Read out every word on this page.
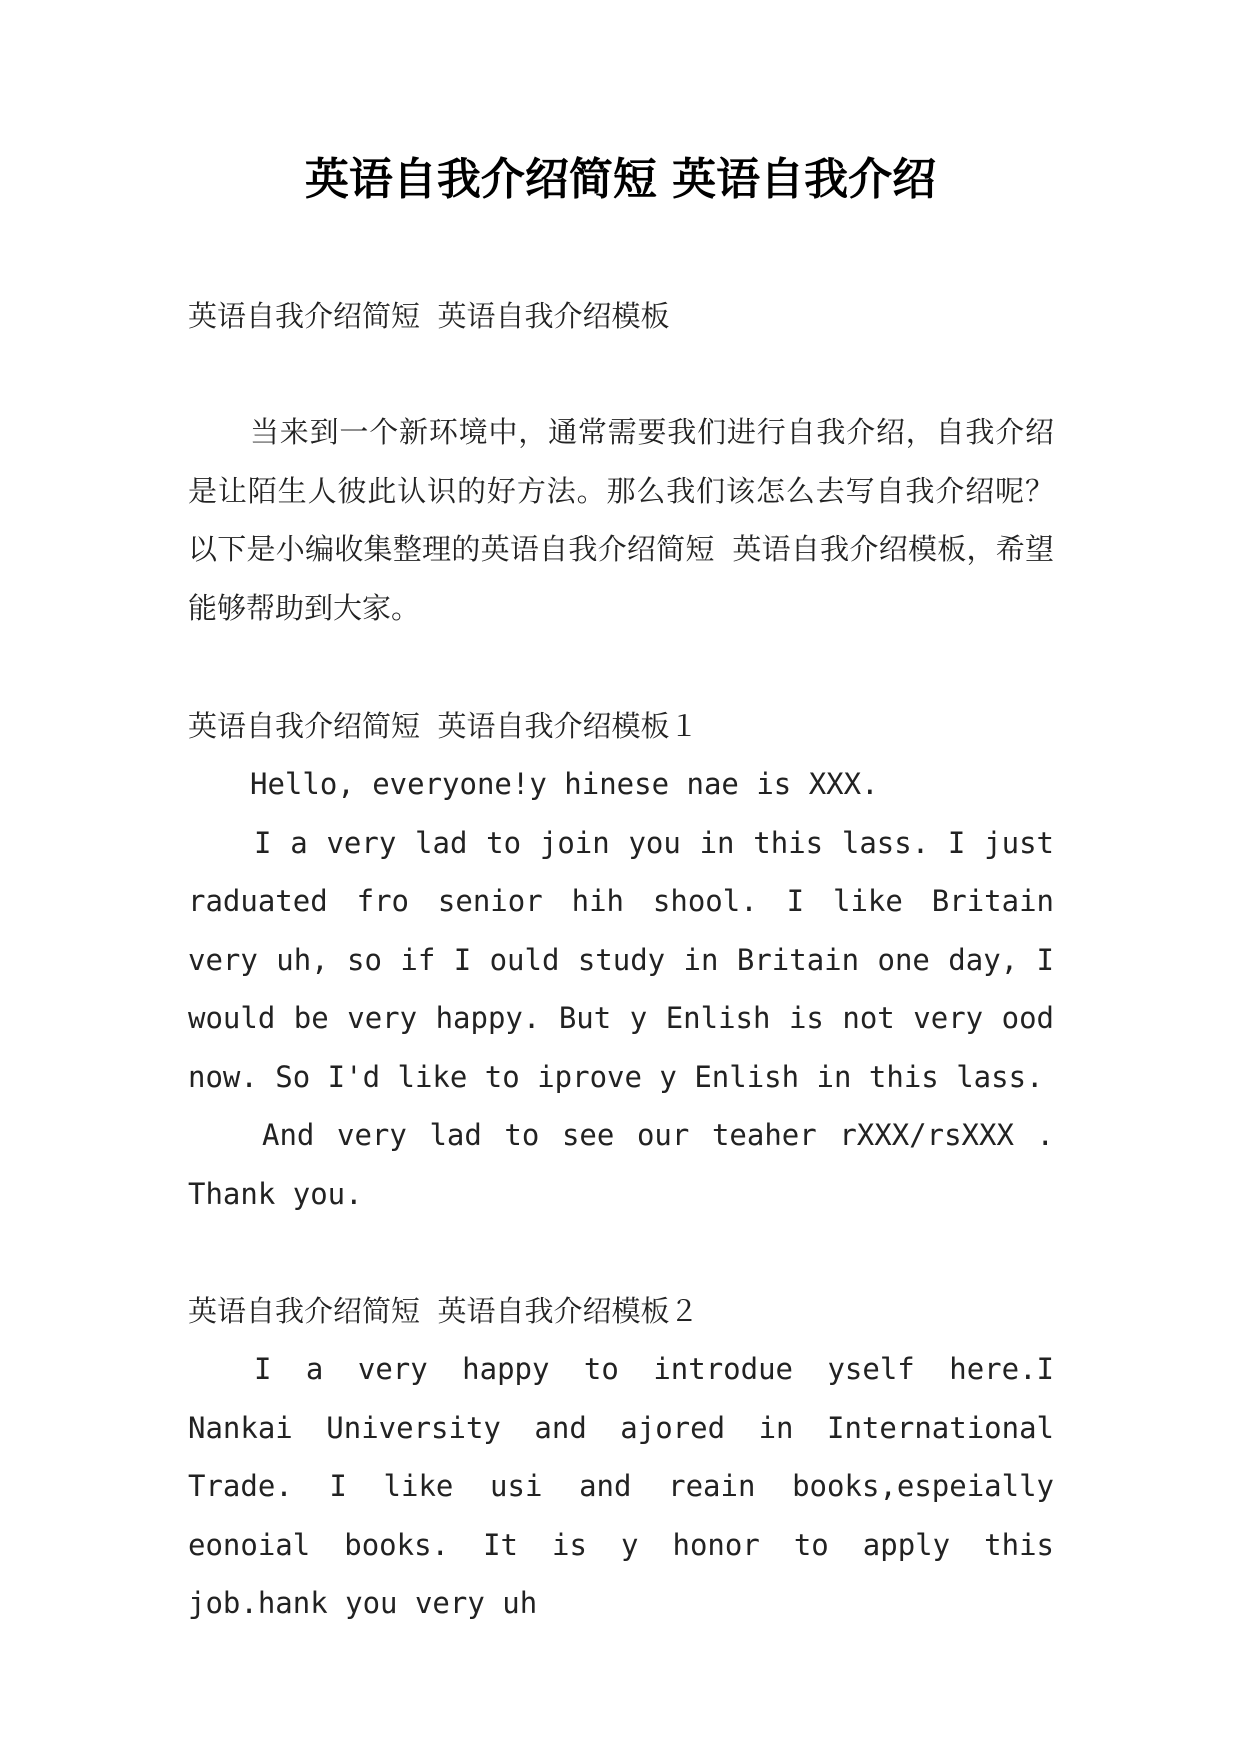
英语自我介绍简短 英语自我介绍
英语自我介绍简短 英语自我介绍模板

当来到一个新环境中，通常需要我们进行自我介绍，自我介绍是让陌生人彼此认识的好方法。那么我们该怎么去写自我介绍呢？以下是小编收集整理的英语自我介绍简短 英语自我介绍模板，希望能够帮助到大家。

英语自我介绍简短 英语自我介绍模板１

Hello, everyone!y hinese nae is XXX.

I a very lad to join you in this lass. I just raduated fro senior hih shool. I like Britain very uh, so if I ould study in Britain one day, I would be very happy. But y Enlish is not very ood now. So I'd like to iprove y Enlish in this lass.

And very lad to see our teaher rXXX/rsXXX . Thank you.

英语自我介绍简短 英语自我介绍模板２

I a very happy to introdue yself here.I Nankai University and ajored in International Trade. I like usi and reain books,espeially eonoial books. It is y honor to apply this job.hank you very uh
